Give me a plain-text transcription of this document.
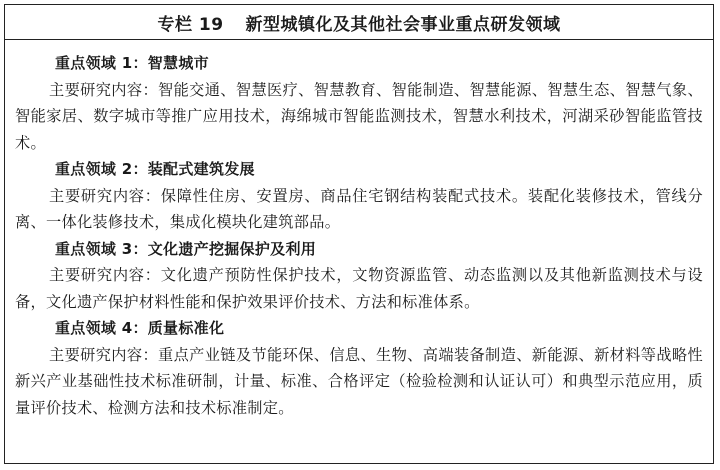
专栏 19 新型城镇化及其他社会事业重点研发领域
重点领域 1：智慧城市
主要研究内容：智能交通、智慧医疗、智慧教育、智能制造、智慧能源、智慧生态、智慧气象、智能家居、数字城市等推广应用技术，海绵城市智能监测技术，智慧水利技术，河湖采砂智能监管技术。
重点领域 2：装配式建筑发展
主要研究内容：保障性住房、安置房、商品住宅钢结构装配式技术。装配化装修技术，管线分离、一体化装修技术，集成化模块化建筑部品。
重点领域 3：文化遗产挖掘保护及利用
主要研究内容：文化遗产预防性保护技术，文物资源监管、动态监测以及其他新监测技术与设备，文化遗产保护材料性能和保护效果评价技术、方法和标准体系。
重点领域 4：质量标准化
主要研究内容：重点产业链及节能环保、信息、生物、高端装备制造、新能源、新材料等战略性新兴产业基础性技术标准研制，计量、标准、合格评定（检验检测和认证认可）和典型示范应用，质量评价技术、检测方法和技术标准制定。
